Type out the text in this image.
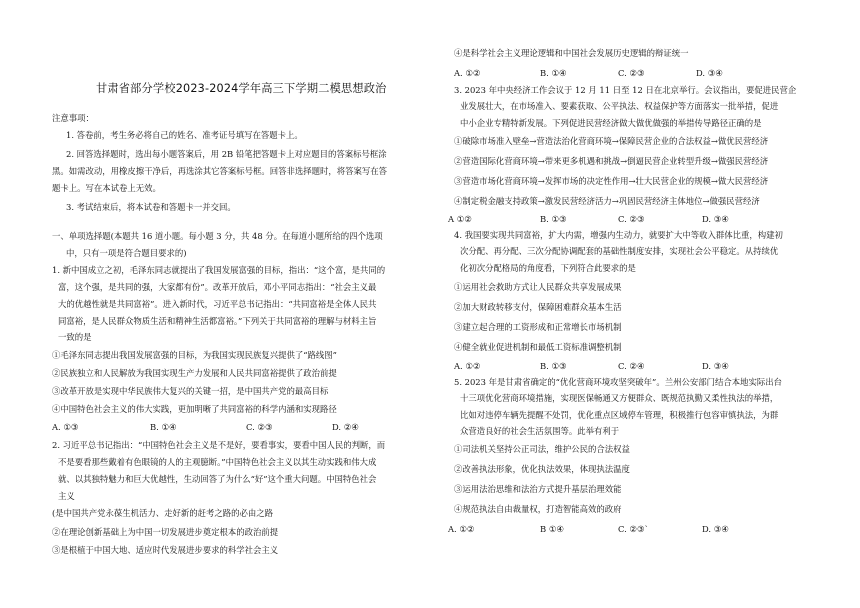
甘肃省部分学校2023-2024学年高三下学期二模思想政治
注意事项：
1. 答卷前，考生务必将自己的姓名、准考证号填写在答题卡上。
2. 回答选择题时，选出每小题答案后，用 2B 铅笔把答题卡上对应题目的答案标号框涂
黑。如需改动，用橡皮擦干净后，再选涂其它答案标号框。回答非选择题时，将答案写在答
题卡上。写在本试卷上无效。
3. 考试结束后，将本试卷和答题卡一并交回。
一、单项选择题(本题共 16 道小题。每小题 3 分，共 48 分。在每道小题所给的四个选项
中，只有一项是符合题目要求的)
1. 新中国成立之初，毛泽东同志就提出了我国发展富强的目标，指出：“这个富，是共同的
富，这个强，是共同的强，大家都有份”。改革开放后，邓小平同志指出：“社会主义最
大的优越性就是共同富裕”。进入新时代，习近平总书记指出：“共同富裕是全体人民共
同富裕，是人民群众物质生活和精神生活都富裕。”下列关于共同富裕的理解与材料主旨
一致的是
①毛泽东同志提出我国发展富强的目标，为我国实现民族复兴提供了“路线图”
②民族独立和人民解放为我国实现生产力发展和人民共同富裕提供了政治前提
③改革开放是实现中华民族伟大复兴的关键一招，是中国共产党的最高目标
④中国特色社会主义的伟大实践，更加明晰了共同富裕的科学内涵和实现路径
A. ①③	B. ①④	C. ②③	D. ②④
2. 习近平总书记指出：“中国特色社会主义是不是好，要看事实，要看中国人民的判断，而
不是要看那些戴着有色眼镜的人的主观臆断。”中国特色社会主义以其生动实践和伟大成
就、以其独特魅力和巨大优越性，生动回答了为什么“好”这个重大问题。中国特色社会
主义
(是中国共产党永葆生机活力、走好新的赶考之路的必由之路
②在理论创新基础上为中国一切发展进步奠定根本的政治前提
③是根植于中国大地、适应时代发展进步要求的科学社会主义
④是科学社会主义理论逻辑和中国社会发展历史逻辑的辩证统一
A. ①②	B. ①④	C. ②③	D. ③④
3. 2023 年中央经济工作会议于 12 月 11 日至 12 日在北京举行。会议指出，要促进民营企
业发展壮大，在市场准入、要素获取、公平执法、权益保护等方面落实一批举措，促进
中小企业专精特新发展。下列促进民营经济做大做优做强的举措传导路径正确的是
①破除市场准入壁垒→营造法治化营商环境→保障民营企业的合法权益→做优民营经济
②营造国际化营商环境→带来更多机遇和挑战→倒逼民营企业转型升级→做强民营经济
③营造市场化营商环境→发挥市场的决定性作用→壮大民营企业的规模→做大民营经济
④制定税金融支持政策→激发民营经济活力→巩固民营经济主体地位→做强民营经济
A ①②	B. ①③	C. ②③	D. ③④
4. 我国要实现共同富裕，扩大内需，增强内生动力，就要扩大中等收入群体比重，构建初
次分配、再分配、三次分配协调配套的基础性制度安排，实现社会公平稳定。从持续优
化初次分配格局的角度看，下列符合此要求的是
①运用社会救助方式让人民群众共享发展成果
②加大财政转移支付，保障困难群众基本生活
③建立起合理的工资形成和正常增长市场机制
④健全就业促进机制和最低工资标准调整机制
A. ①②	B. ①③	C. ②④	D. ③④
5. 2023 年是甘肃省确定的“优化营商环境攻坚突破年”。兰州公安部门结合本地实际出台
十三项优化营商环境措施，实现医保畅通又方便群众、既规范执勤又柔性执法的举措，
比如对违停车辆先提醒不处罚，优化重点区域停车管理，积极推行包容审慎执法，为群
众营造良好的社会生活氛围等。此举有利于
①司法机关坚持公正司法，维护公民的合法权益
②改善执法形象，优化执法效果，体现执法温度
③运用法治思维和法治方式提升基层治理效能
④规范执法自由裁量权，打造智能高效的政府
A. ①②	B ①④	C. ②③`	D. ③④
